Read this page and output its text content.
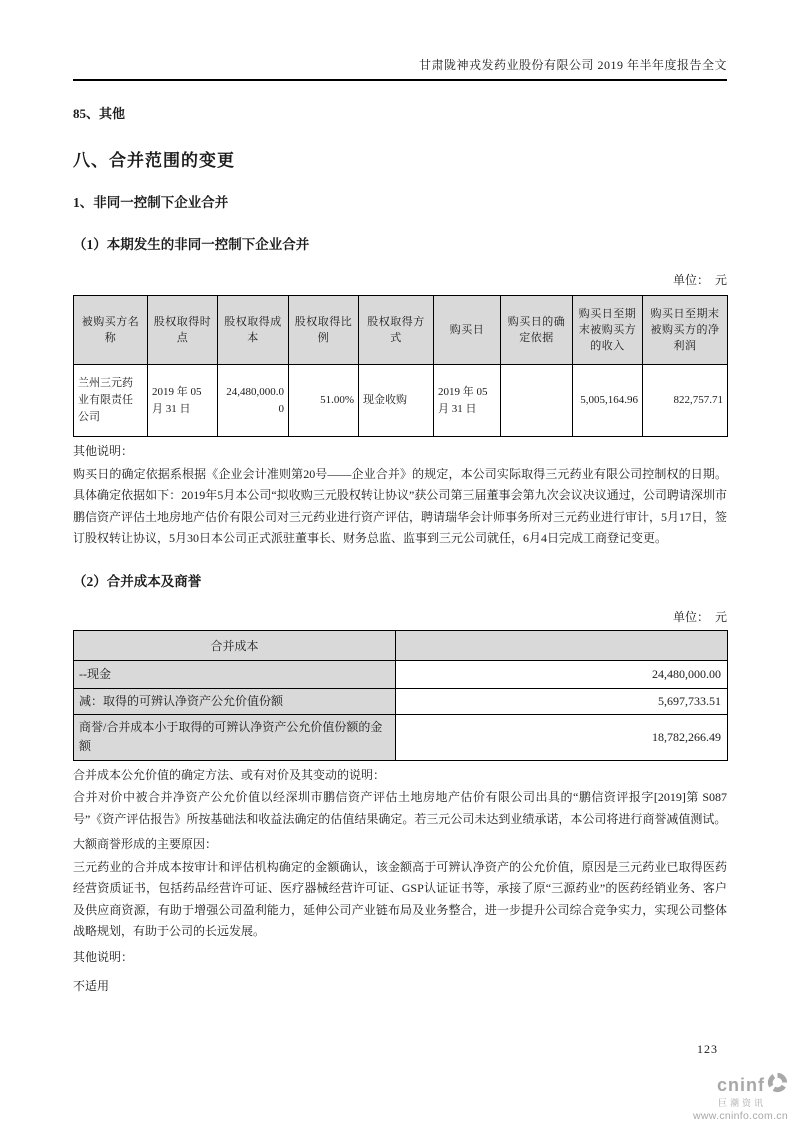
甘肃陇神戎发药业股份有限公司 2019 年半年度报告全文
85、其他
八、合并范围的变更
1、非同一控制下企业合并
（1）本期发生的非同一控制下企业合并
单位：　元
被购买方名称	股权取得时点	股权取得成本	股权取得比例	股权取得方式	购买日	购买日的确定依据	购买日至期末被购买方的收入	购买日至期末被购买方的净利润
兰州三元药业有限责任公司	2019 年 05 月 31 日	24,480,000.00	51.00%	现金收购	2019 年 05 月 31 日		5,005,164.96	822,757.71
其他说明：
购买日的确定依据系根据《企业会计准则第20号——企业合并》的规定，本公司实际取得三元药业有限公司控制权的日期。具体确定依据如下：2019年5月本公司“拟收购三元股权转让协议”获公司第三届董事会第九次会议决议通过，公司聘请深圳市鹏信资产评估土地房地产估价有限公司对三元药业进行资产评估，聘请瑞华会计师事务所对三元药业进行审计，5月17日，签订股权转让协议，5月30日本公司正式派驻董事长、财务总监、监事到三元公司就任，6月4日完成工商登记变更。
（2）合并成本及商誉
单位：　元
合并成本	
--现金	24,480,000.00
减：取得的可辨认净资产公允价值份额	5,697,733.51
商誉/合并成本小于取得的可辨认净资产公允价值份额的金额	18,782,266.49
合并成本公允价值的确定方法、或有对价及其变动的说明：
合并对价中被合并净资产公允价值以经深圳市鹏信资产评估土地房地产估价有限公司出具的“鹏信资评报字[2019]第 S087号”《资产评估报告》所按基础法和收益法确定的估值结果确定。若三元公司未达到业绩承诺，本公司将进行商誉减值测试。
大额商誉形成的主要原因：
三元药业的合并成本按审计和评估机构确定的金额确认，该金额高于可辨认净资产的公允价值，原因是三元药业已取得医药经营资质证书，包括药品经营许可证、医疗器械经营许可证、GSP认证证书等，承接了原“三源药业”的医药经销业务、客户及供应商资源，有助于增强公司盈利能力，延伸公司产业链布局及业务整合，进一步提升公司综合竞争实力，实现公司整体战略规划，有助于公司的长远发展。
其他说明：
不适用
123
cninf
巨潮资讯
www.cninfo.com.cn
